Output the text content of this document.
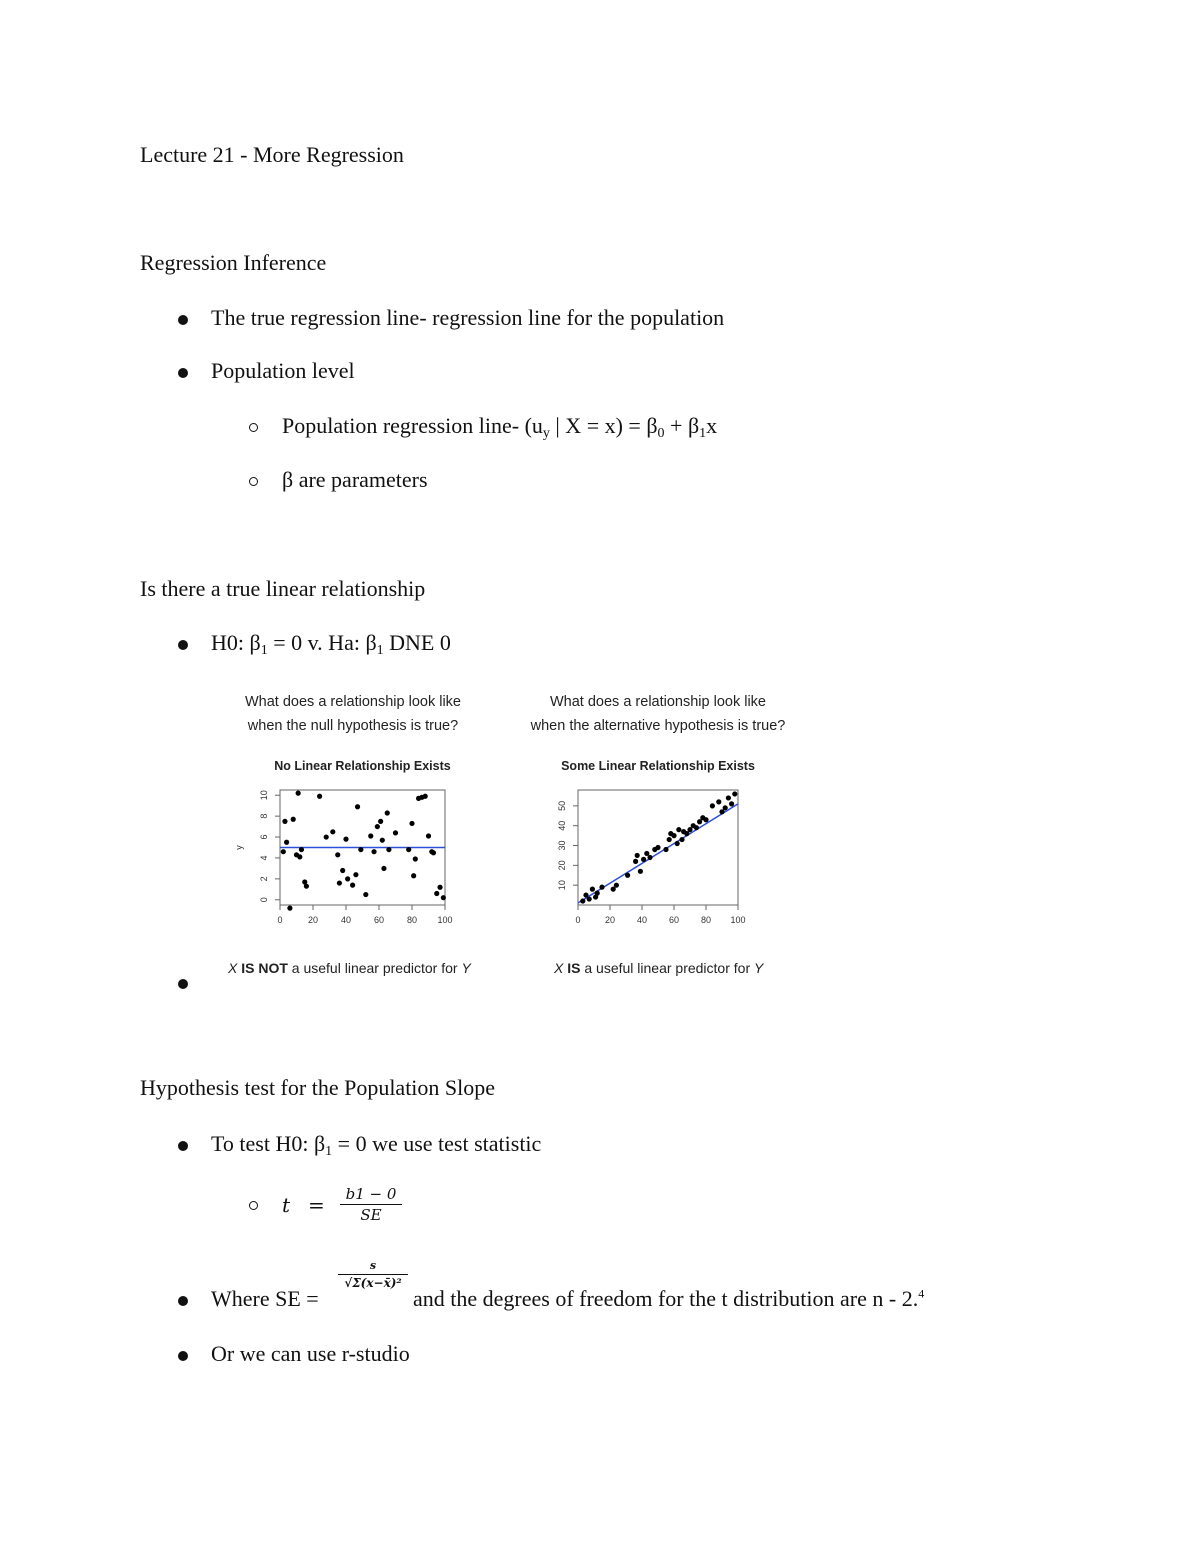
Lecture 21 - More Regression
Regression Inference
The true regression line- regression line for the population
Population level
Population regression line- ($u_y$ | $X = x) = \beta_0 + \beta_1x$
β are parameters
Is there a true linear relationship
H0: $\beta_1 = 0$ v. Ha: $\beta_1$ DNE 0
What does a relationship look like
when the null hypothesis is true?
What does a relationship look like
when the alternative hypothesis is true?
No Linear Relationship Exists
0	20	40	60	80 100
0
2
4
6
8
10
y
Some Linear Relationship Exists
0	20 40 60 80 100
10
20
30
40
50
X IS NOT a useful linear predictor for Y	X IS a useful linear predictor for Y
Hypothesis test for the Population Slope
To test H0: $\beta_1 = 0$ we use test statistic
t =	b1 − 0
SE
Where SE =
s
√Σ(x−x̄)²
and the degrees of freedom for the t distribution are n - 2.$^4$
Or we can use r-studio
